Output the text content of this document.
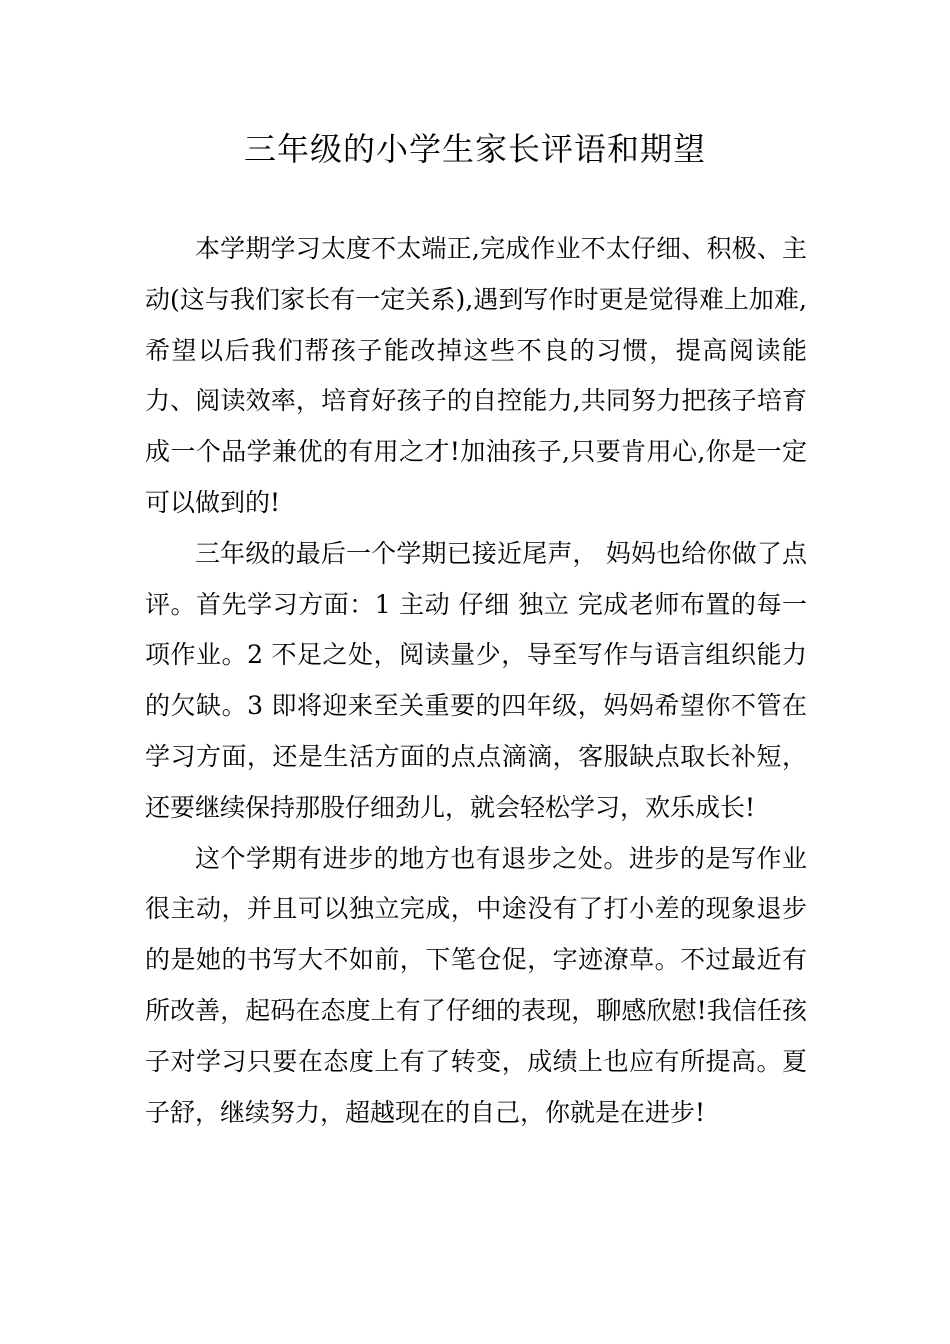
三年级的小学生家长评语和期望

本学期学习太度不太端正,完成作业不太仔细、积极、主动(这与我们家长有一定关系),遇到写作时更是觉得难上加难,希望以后我们帮孩子能改掉这些不良的习惯，提高阅读能力、阅读效率，培育好孩子的自控能力,共同努力把孩子培育成一个品学兼优的有用之才!加油孩子,只要肯用心,你是一定可以做到的!

三年级的最后一个学期已接近尾声， 妈妈也给你做了点评。首先学习方面：1 主动 仔细 独立 完成老师布置的每一项作业。2 不足之处，阅读量少，导至写作与语言组织能力的欠缺。3 即将迎来至关重要的四年级，妈妈希望你不管在学习方面，还是生活方面的点点滴滴，客服缺点取长补短，还要继续保持那股仔细劲儿，就会轻松学习，欢乐成长!

这个学期有进步的地方也有退步之处。进步的是写作业很主动，并且可以独立完成，中途没有了打小差的现象退步的是她的书写大不如前，下笔仓促，字迹潦草。不过最近有所改善，起码在态度上有了仔细的表现，聊感欣慰!我信任孩子对学习只要在态度上有了转变，成绩上也应有所提高。夏子舒，继续努力，超越现在的自己，你就是在进步!
